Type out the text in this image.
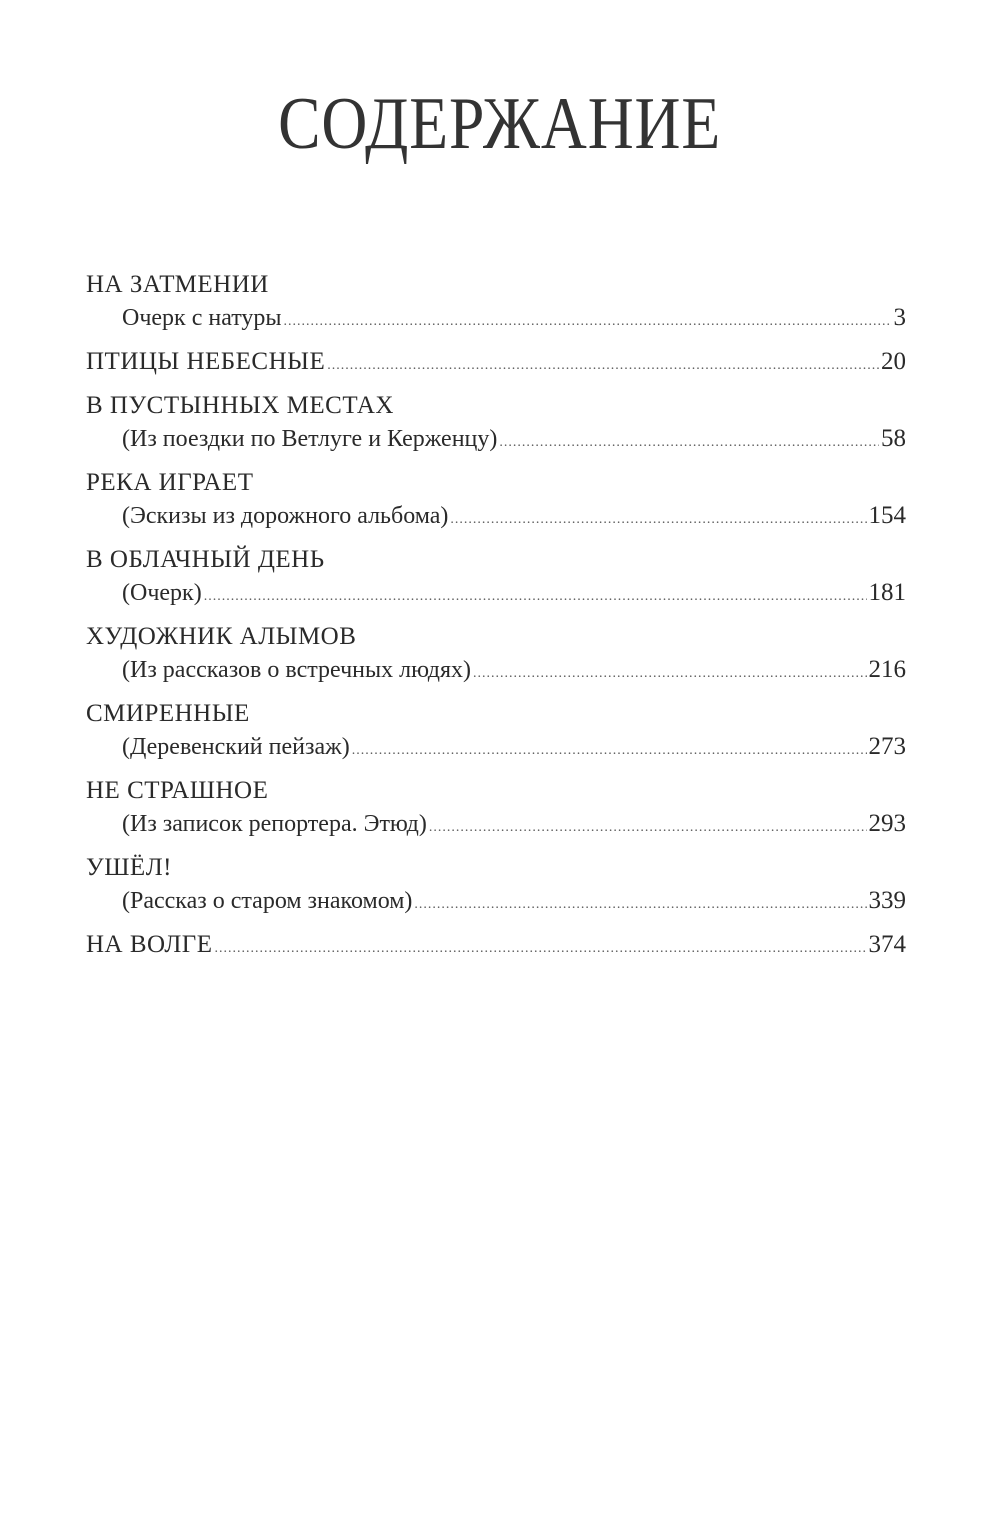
СОДЕРЖАНИЕ
НА ЗАТМЕНИИ
Очерк с натуры .....	3
ПТИЦЫ НЕБЕСНЫЕ .....	20
В ПУСТЫННЫХ МЕСТАХ
(Из поездки по Ветлуге и Керженцу) .....	58
РЕКА ИГРАЕТ
(Эскизы из дорожного альбома) .....	154
В ОБЛАЧНЫЙ ДЕНЬ
(Очерк) .....	181
ХУДОЖНИК АЛЫМОВ
(Из рассказов о встречных людях) .....	216
СМИРЕННЫЕ
(Деревенский пейзаж) .....	273
НЕ СТРАШНОЕ
(Из записок репортера. Этюд) .....	293
УШЁЛ!
(Рассказ о старом знакомом) .....	339
НА ВОЛГЕ .....	374
